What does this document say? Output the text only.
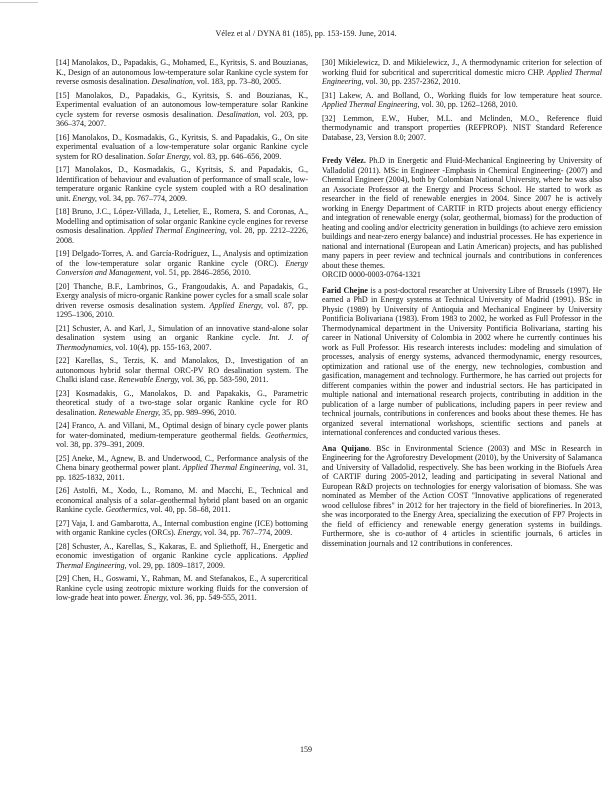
Vélez et al / DYNA 81 (185), pp. 153-159. June, 2014.

[14] Manolakos, D., Papadakis, G., Mohamed, E., Kyritsis, S. and Bouzianas, K., Design of an autonomous low-temperature solar Rankine cycle system for reverse osmosis desalination. Desalination, vol. 183, pp. 73–80, 2005.

[15] Manolakos, D., Papadakis, G., Kyritsis, S. and Bouzianas, K., Experimental evaluation of an autonomous low-temperature solar Rankine cycle system for reverse osmosis desalination. Desalination, vol. 203, pp. 366–374, 2007.

[16] Manolakos, D., Kosmadakis, G., Kyritsis, S. and Papadakis, G., On site experimental evaluation of a low-temperature solar organic Rankine cycle system for RO desalination. Solar Energy, vol. 83, pp. 646–656, 2009.

[17] Manolakos, D., Kosmadakis, G., Kyritsis, S. and Papadakis, G., Identification of behaviour and evaluation of performance of small scale, low-temperature organic Rankine cycle system coupled with a RO desalination unit. Energy, vol. 34, pp. 767–774, 2009.

[18] Bruno, J.C., López-Villada, J., Letelier, E., Romera, S. and Coronas, A., Modelling and optimisation of solar organic Rankine cycle engines for reverse osmosis desalination. Applied Thermal Engineering, vol. 28, pp. 2212–2226, 2008.

[19] Delgado-Torres, A. and García-Rodríguez, L., Analysis and optimization of the low-temperature solar organic Rankine cycle (ORC). Energy Conversion and Management, vol. 51, pp. 2846–2856, 2010.

[20] Thanche, B.F., Lambrinos, G., Frangoudakis, A. and Papadakis, G., Exergy analysis of micro-organic Rankine power cycles for a small scale solar driven reverse osmosis desalination system. Applied Energy, vol. 87, pp. 1295–1306, 2010.

[21] Schuster, A. and Karl, J., Simulation of an innovative stand-alone solar desalination system using an organic Rankine cycle. Int. J. of Thermodynamics, vol. 10(4), pp. 155-163, 2007.

[22] Karellas, S., Terzis, K. and Manolakos, D., Investigation of an autonomous hybrid solar thermal ORC-PV RO desalination system. The Chalki island case. Renewable Energy, vol. 36, pp. 583-590, 2011.

[23] Kosmadakis, G., Manolakos, D. and Papakakis, G., Parametric theoretical study of a two-stage solar organic Rankine cycle for RO desalination. Renewable Energy, 35, pp. 989–996, 2010.

[24] Franco, A. and Villani, M., Optimal design of binary cycle power plants for water-dominated, medium-temperature geothermal fields. Geothermics, vol. 38, pp. 379–391, 2009.

[25] Aneke, M., Agnew, B. and Underwood, C., Performance analysis of the Chena binary geothermal power plant. Applied Thermal Engineering, vol. 31, pp. 1825-1832, 2011.

[26] Astolfi, M., Xodo, L., Romano, M. and Macchi, E., Technical and economical analysis of a solar–geothermal hybrid plant based on an organic Rankine cycle. Geothermics, vol. 40, pp. 58–68, 2011.

[27] Vaja, I. and Gambarotta, A., Internal combustion engine (ICE) bottoming with organic Rankine cycles (ORCs). Energy, vol. 34, pp. 767–774, 2009.

[28] Schuster, A., Karellas, S., Kakaras, E. and Spliethoff, H., Energetic and economic investigation of organic Rankine cycle applications. Applied Thermal Engineering, vol. 29, pp. 1809–1817, 2009.

[29] Chen, H., Goswami, Y., Rahman, M. and Stefanakos, E., A supercritical Rankine cycle using zeotropic mixture working fluids for the conversion of low-grade heat into power. Energy, vol. 36, pp. 549-555, 2011.

[30] Mikielewicz, D. and Mikielewicz, J., A thermodynamic criterion for selection of working fluid for subcritical and supercritical domestic micro CHP. Applied Thermal Engineering, vol. 30, pp. 2357-2362, 2010.

[31] Lakew, A. and Bolland, O., Working fluids for low temperature heat source. Applied Thermal Engineering, vol. 30, pp. 1262–1268, 2010.

[32] Lemmon, E.W., Huber, M.L. and Mclinden, M.O., Reference fluid thermodynamic and transport properties (REFPROP). NIST Standard Reference Database, 23, Version 8.0; 2007.

Fredy Vélez. Ph.D in Energetic and Fluid-Mechanical Engineering by University of Valladolid (2011). MSc in Engineer -Emphasis in Chemical Engineering- (2007) and Chemical Engineer (2004), both by Colombian National University, where he was also an Associate Professor at the Energy and Process School. He started to work as researcher in the field of renewable energies in 2004. Since 2007 he is actively working in Energy Department of CARTIF in RTD projects about energy efficiency and integration of renewable energy (solar, geothermal, biomass) for the production of heating and cooling and/or electricity generation in buildings (to achieve zero emission buildings and near-zero energy balance) and industrial processes. He has experience in national and international (European and Latin American) projects, and has published many papers in peer review and technical journals and contributions in conferences about these themes.
ORCID 0000-0003-0764-1321

Farid Chejne is a post-doctoral researcher at University Libre of Brussels (1997). He earned a PhD in Energy systems at Technical University of Madrid (1991). BSc in Physic (1989) by University of Antioquia and Mechanical Engineer by University Pontificia Bolivariana (1983). From 1983 to 2002, he worked as Full Professor in the Thermodynamical department in the University Pontificia Bolivariana, starting his career in National University of Colombia in 2002 where he currently continues his work as Full Professor. His research interests includes: modeling and simulation of processes, analysis of energy systems, advanced thermodynamic, energy resources, optimization and rational use of the energy, new technologies, combustion and gasification, management and technology. Furthermore, he has carried out projects for different companies within the power and industrial sectors. He has participated in multiple national and international research projects, contributing in addition in the publication of a large number of publications, including papers in peer review and technical journals, contributions in conferences and books about these themes. He has organized several international workshops, scientific sections and panels at international conferences and conducted various theses.

Ana Quijano. BSc in Environmental Science (2003) and MSc in Research in Engineering for the Agroforestry Development (2010), by the University of Salamanca and University of Valladolid, respectively. She has been working in the Biofuels Area of CARTIF during 2005-2012, leading and participating in several National and European R&D projects on technologies for energy valorisation of biomass. She was nominated as Member of the Action COST "Innovative applications of regenerated wood cellulose fibres" in 2012 for her trajectory in the field of biorefineries. In 2013, she was incorporated to the Energy Area, specializing the execution of FP7 Projects in the field of efficiency and renewable energy generation systems in buildings. Furthermore, she is co-author of 4 articles in scientific journals, 6 articles in dissemination journals and 12 contributions in conferences.

159
